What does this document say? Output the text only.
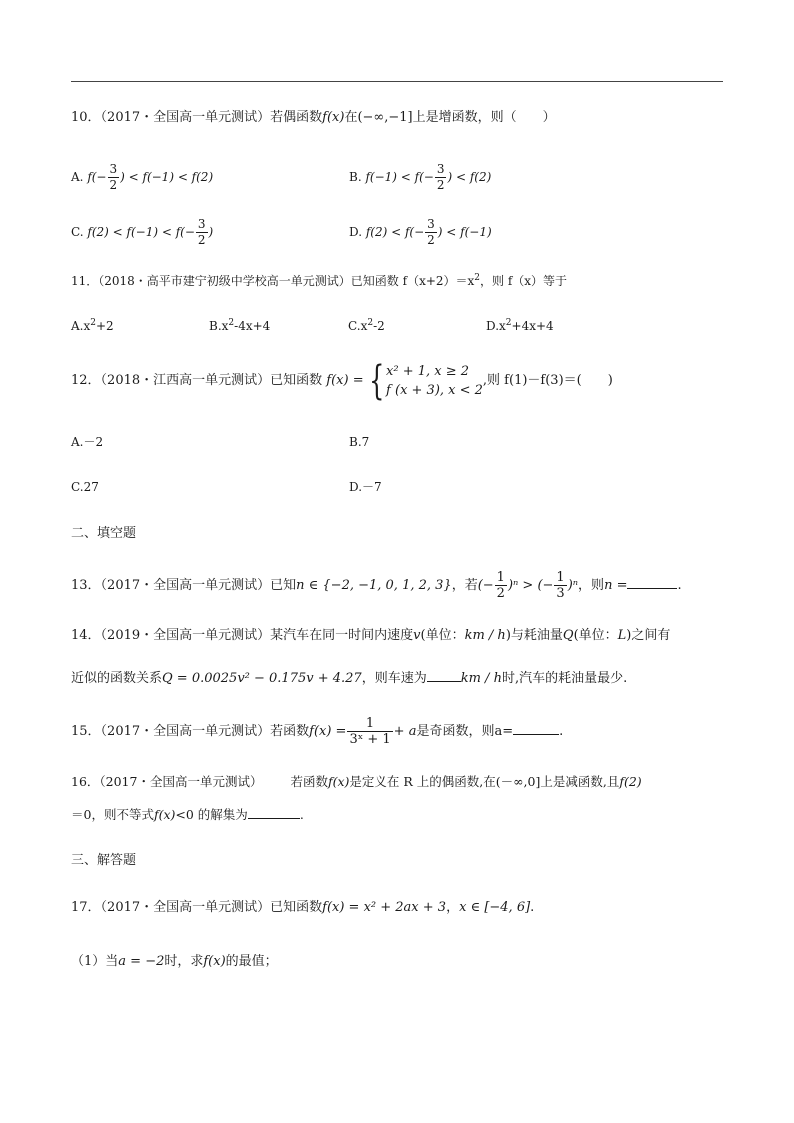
10．（2017・全国高一单元测试）若偶函数f(x)在(−∞,−1]上是增函数，则（　　）
A. $f(- \frac{3}{2}$ ) < f(−1) < f(2)	B. $f(-1) < f(- \frac{3}{2}$ ) < f(2)
C. $f(2) < f(-1) < f(- \frac{3}{2}$ )	D. $f(2) < f(- \frac{3}{2}$ ) < f(−1)
11．（2018・高平市建宁初级中学校高一单元测试）已知函数 $f(x+2)=x^2$，则 f（x）等于
$A.x^2+2$	$B.x^2-4x+4$	$C.x^2-2$	$D.x^2+4x+4$
12．（2018・江西高一单元测试）已知函数 f(x) = { x² + 1, x ≥ 2
f (x + 3), x < 2
,则 f(1)－f(3)＝(　　)
A.－2	B.7
C.27	D.－7
二、填空题
13．（2017・全国高一单元测试）已知n ∈ {−2, −1, 0, 1, 2, 3}，若(− $\frac{1}{2} )^n$ > (− $\frac{1}{3} )^n$，则n =	.
14．（2019・全国高一单元测试）某汽车在同一时间内速度v(单位：km / h)与耗油量Q(单位：L)之间有
近似的函数关系Q = 0.0025v² − 0.175v + 4.27，则车速为	km / h时,汽车的耗油量最少.
15．（2017・全国高一单元测试）若函数$f(x) = \frac{1}{\text{3ˣ + 1}} + a$是奇函数，则a=	.
16．（2017・全国高一单元测试） 若函数f(x)是定义在 R 上的偶函数,在(－∞,0]上是减函数,且f(2)
＝0，则不等式f(x)<0 的解集为	.
三、解答题
17．（2017・全国高一单元测试）已知函数f(x) = x² + 2ax + 3，x ∈ [−4, 6].
（1）当a = −2时，求f(x)的最值；
